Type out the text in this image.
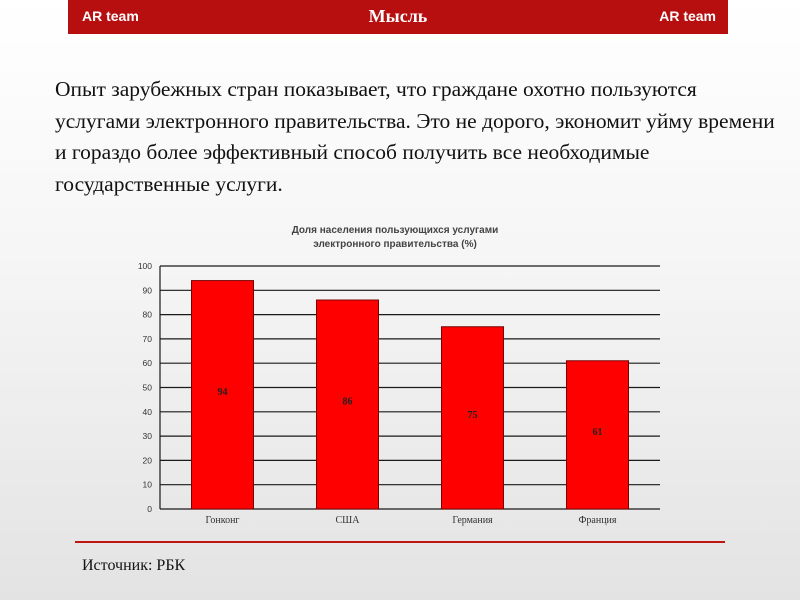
AR team	Мысль	AR team

Опыт зарубежных стран показывает, что граждане охотно пользуются услугами электронного правительства. Это не дорого, экономит уйму времени и гораздо более эффективный способ получить все необходимые государственные услуги.

Доля населения пользующихся услугами
электронного правительства (%)
0
10
20
30
40
50
60
70
80
90
100
94
Гонконг
86
США
75
Германия
61
Франция
Источник: РБК
